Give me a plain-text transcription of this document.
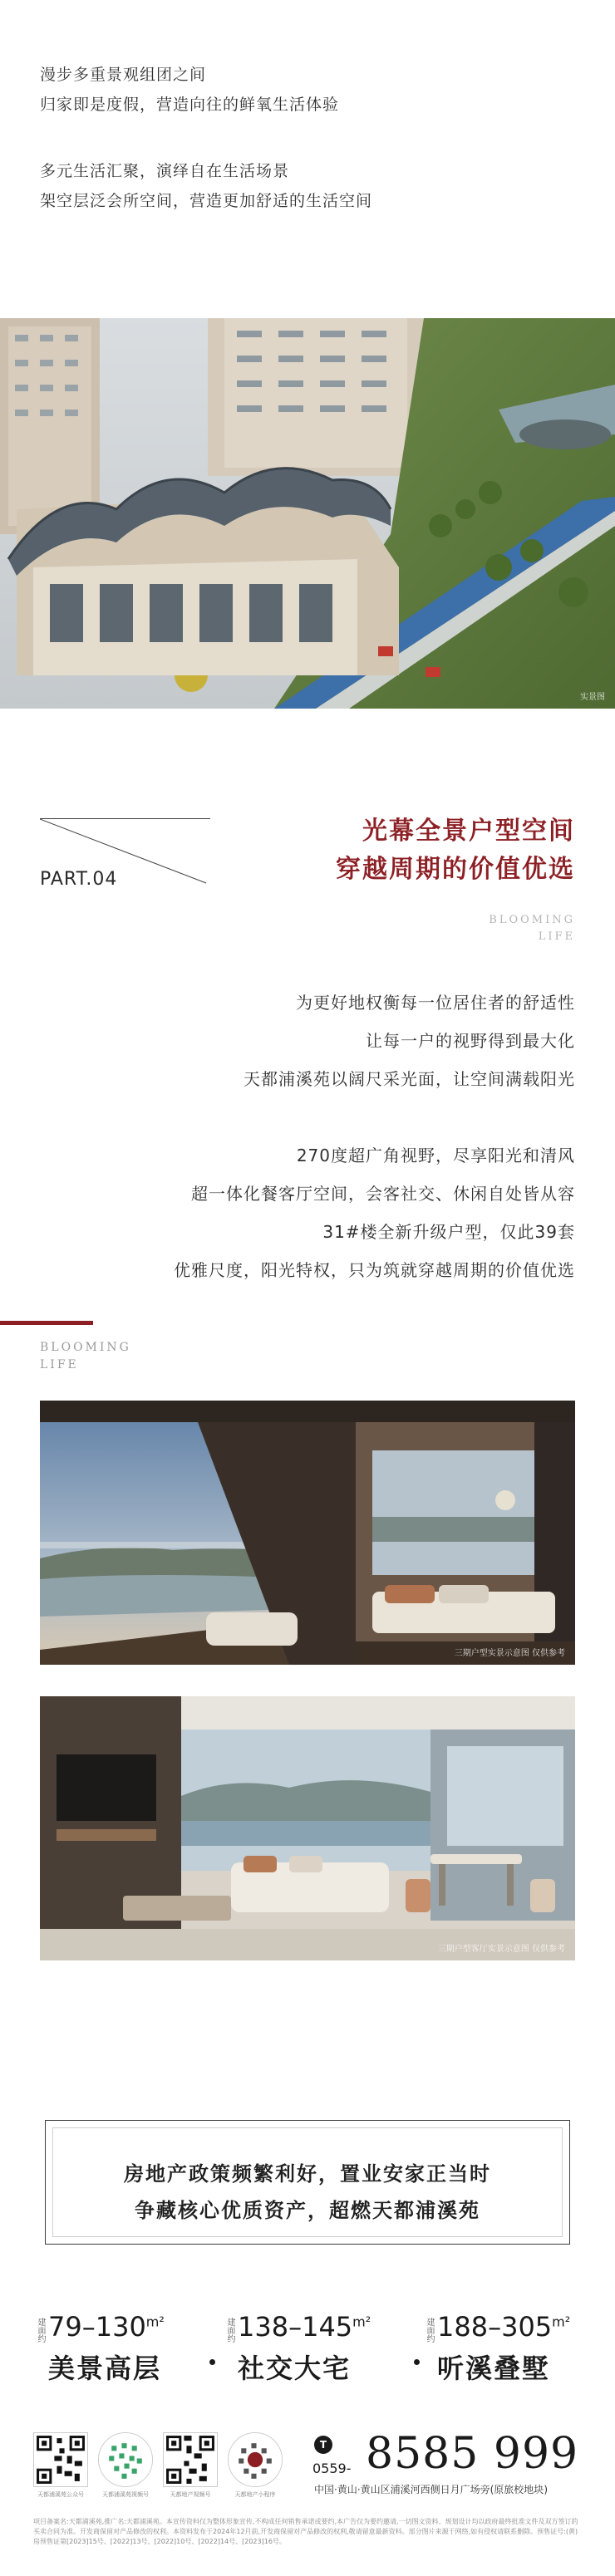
漫步多重景观组团之间

归家即是度假，营造向往的鲜氧生活体验

多元生活汇聚，演绎自在生活场景

架空层泛会所空间，营造更加舒适的生活空间

实景图
PART.04
光幕全景户型空间
穿越周期的价值优选
BLOOMING
LIFE

为更好地权衡每一位居住者的舒适性

让每一户的视野得到最大化

天都浦溪苑以阔尺采光面，让空间满载阳光

270度超广角视野，尽享阳光和清风

超一体化餐客厅空间，会客社交、休闲自处皆从容

31#楼全新升级户型，仅此39套

优雅尺度，阳光特权，只为筑就穿越周期的价值优选

BLOOMING
LIFE
三期户型实景示意图 仅供参考
三期户型客厅实景示意图 仅供参考

房地产政策频繁利好，置业安家正当时

争藏核心优质资产，超燃天都浦溪苑

建面约 $79-130^{m^2}$
美景高层
建面约 $138-145^{m^2}$
社交大宅
建面约 $188-305^{m^2}$
听溪叠墅
天都浦溪苑公众号	天都浦溪苑视频号	天都地产视频号	天都地产小程序
T
0559- 8585 999
中国·黄山·黄山区浦溪河西侧日月广场旁(原旅校地块)
项目备案名:天都浦溪苑,推广名:天都浦溪苑。本宣传资料仅为整体形象宣传,不构成任何销售承诺或要约,本广告仅为要约邀请,一切图文资料、规划设计均以政府最终批准文件及双方签订的买卖合同为准。开发商保留对产品修改的权利。本资料发布于2024年12月前,开发商保留对产品修改的权利,敬请留意最新资料。部分图片来源于网络,如有侵权请联系删除。预售证号:(黄)房预售证第[2023]15号、[2022]13号、[2022]10号、[2022]14号、[2023]16号。
